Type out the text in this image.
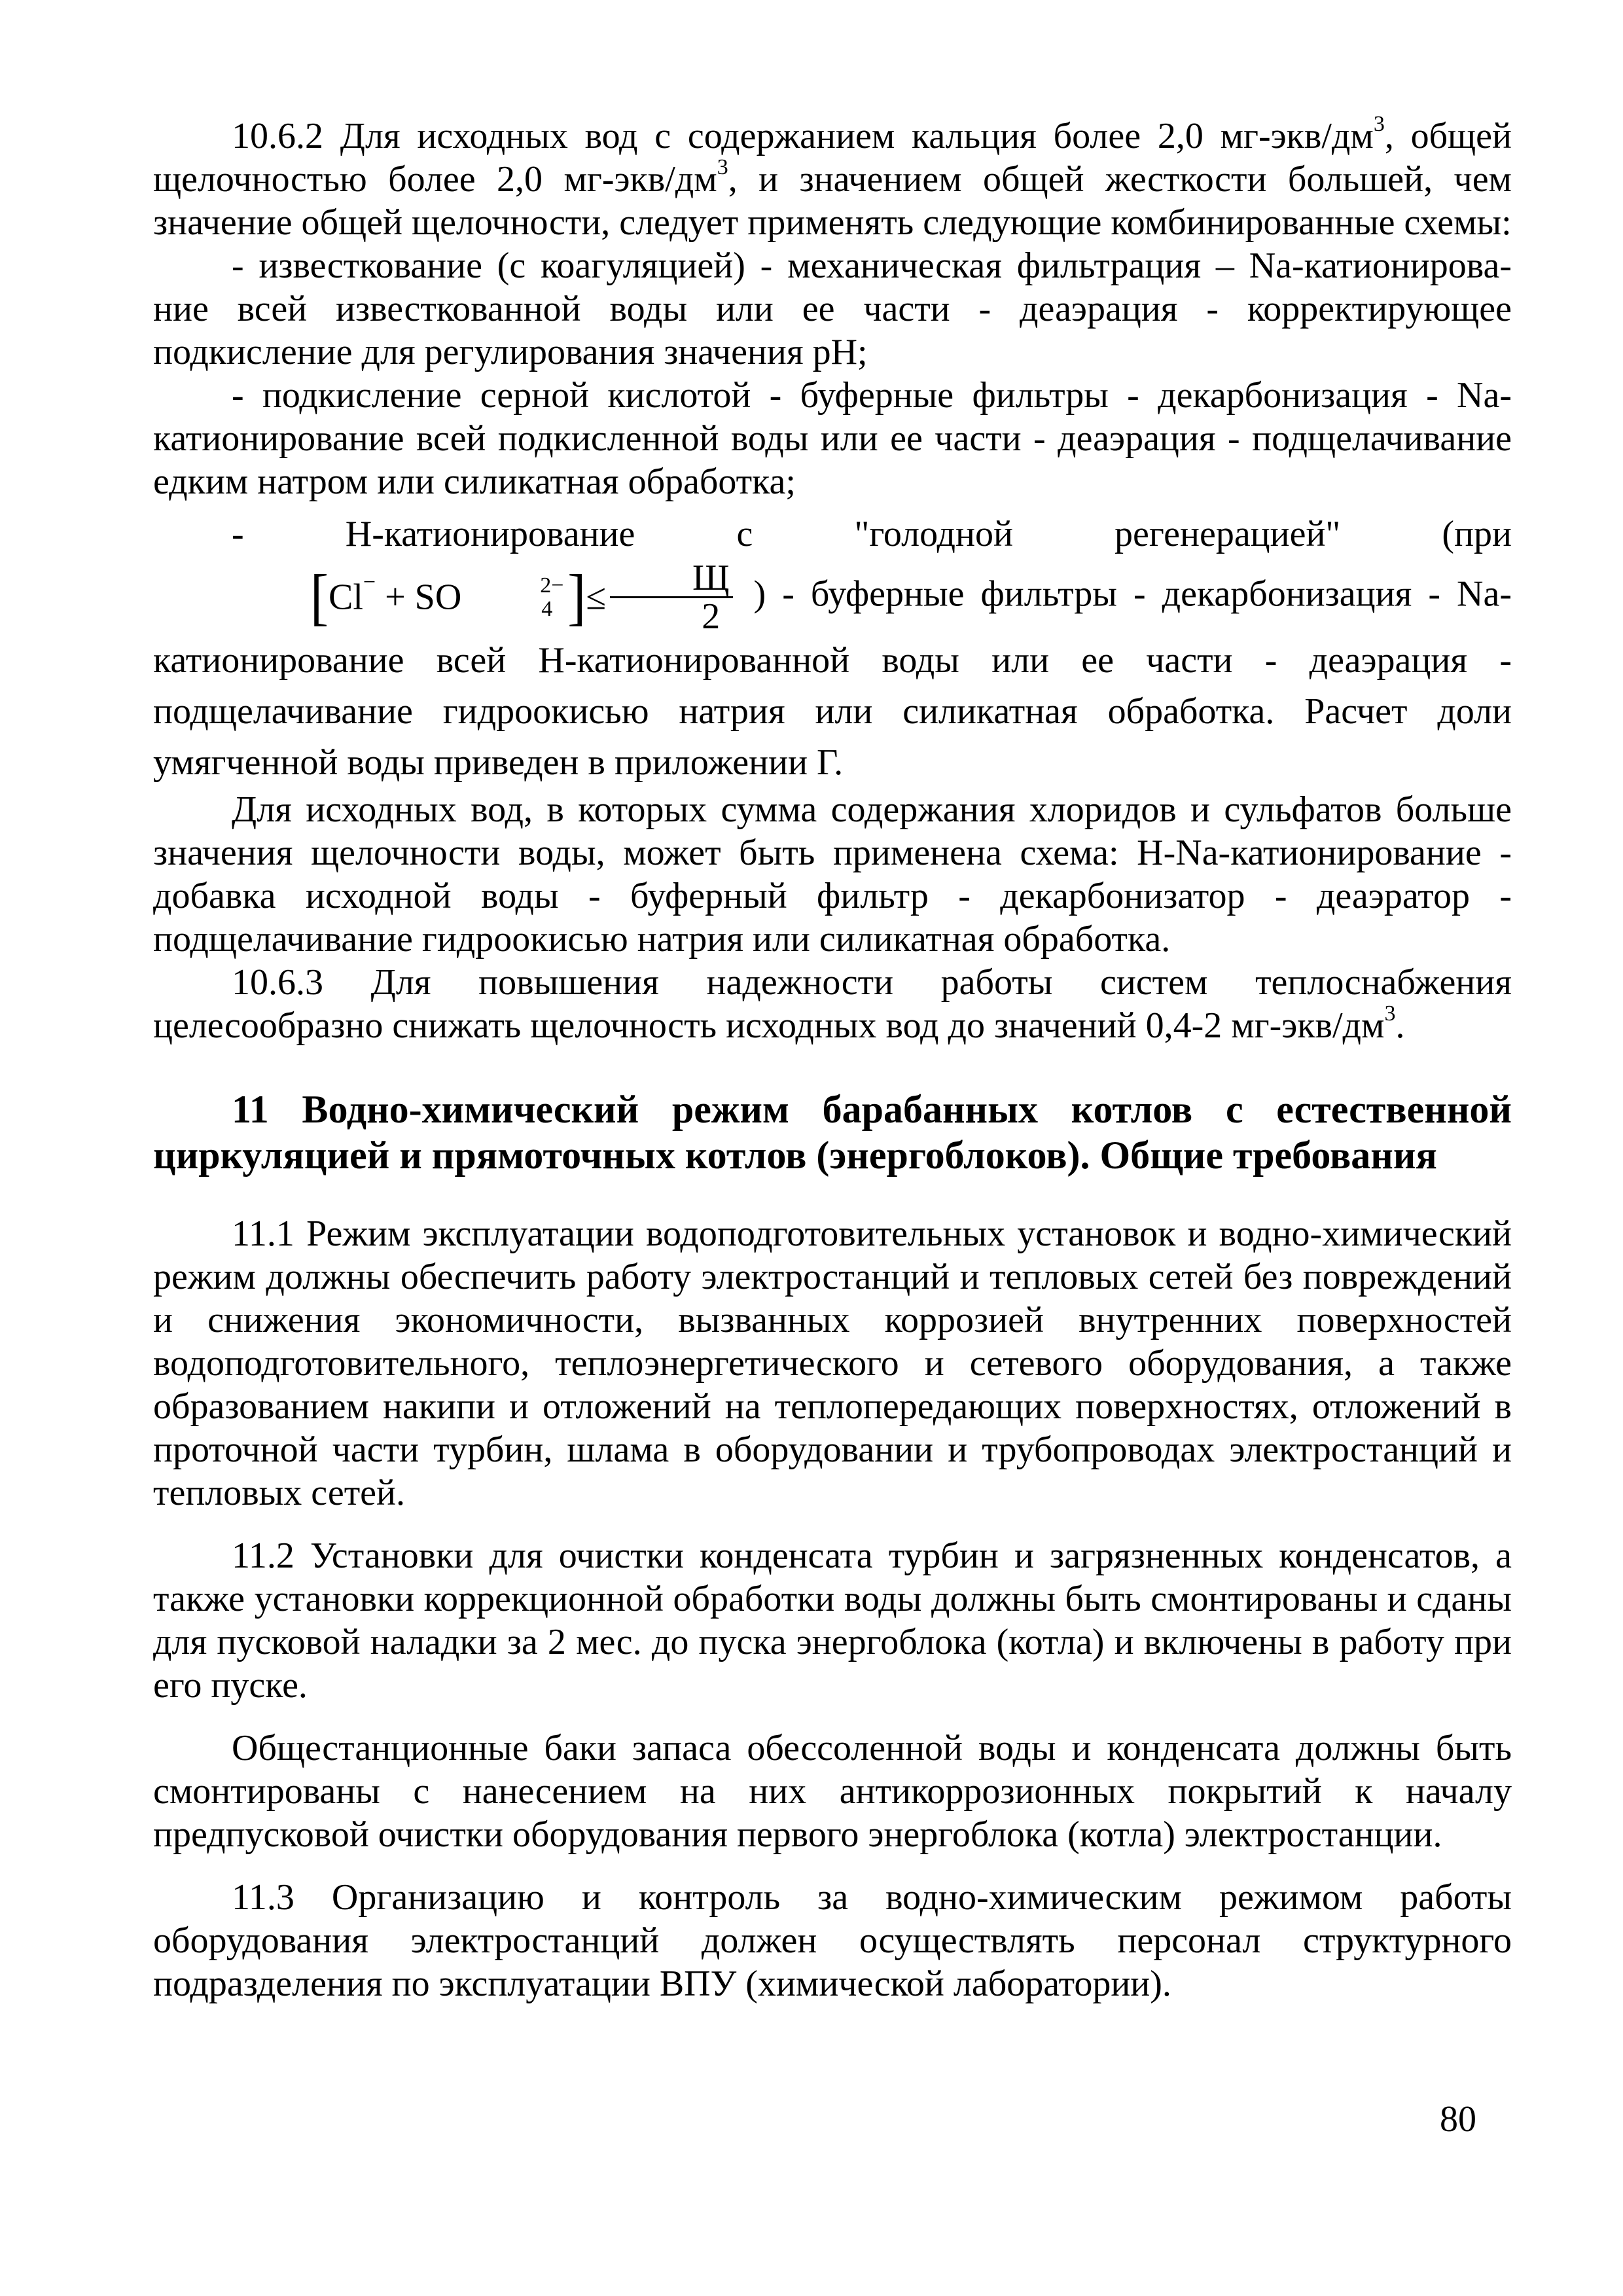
10.6.2 Для исходных вод с содержанием кальция более 2,0 $мг-экв/дм^3$, общей щелочностью более 2,0 $мг-экв/дм^3$, и значением общей жесткости большей, чем значение общей щелочности, следует применять следующие комбинированные схемы:

- известкование (с коагуляцией) - механическая фильтрация – Na-катионирова-ние всей известкованной воды или ее части - деаэрация - корректирующее подкисление для регулирования значения pH;

- подкисление серной кислотой - буферные фильтры - декарбонизация - Na-катионирование всей подкисленной воды или ее части - деаэрация - подщелачивание едким натром или силикатная обработка;

- Н-катионирование с "голодной регенерацией" (при [Cl− + SO	2−
4 ]≤ $\frac{Щ}{2}$ ) - буферные фильтры - декарбонизация - Na-катионирование всей Н-катионированной воды или ее части - деаэрация - подщелачивание гидроокисью натрия или силикатная обработка. Расчет доли умягченной воды приведен в приложении Г.

Для исходных вод, в которых сумма содержания хлоридов и сульфатов больше значения щелочности воды, может быть применена схема: H-Na-катионирование - добавка исходной воды - буферный фильтр - декарбонизатор - деаэратор - подщелачивание гидроокисью натрия или силикатная обработка.

10.6.3 Для повышения надежности работы систем теплоснабжения целесообразно снижать щелочность исходных вод до значений 0,4-2 $мг-экв/дм^3$.

11 Водно-химический режим барабанных котлов с естественной циркуляцией и прямоточных котлов (энергоблоков). Общие требования

11.1 Режим эксплуатации водоподготовительных установок и водно-химический режим должны обеспечить работу электростанций и тепловых сетей без повреждений и снижения экономичности, вызванных коррозией внутренних поверхностей водоподготовительного, теплоэнергетического и сетевого оборудования, а также образованием накипи и отложений на теплопередающих поверхностях, отложений в проточной части турбин, шлама в оборудовании и трубопроводах электростанций и тепловых сетей.

11.2 Установки для очистки конденсата турбин и загрязненных конденсатов, а также установки коррекционной обработки воды должны быть смонтированы и сданы для пусковой наладки за 2 мес. до пуска энергоблока (котла) и включены в работу при его пуске.

Общестанционные баки запаса обессоленной воды и конденсата должны быть смонтированы с нанесением на них антикоррозионных покрытий к началу предпусковой очистки оборудования первого энергоблока (котла) электростанции.

11.3 Организацию и контроль за водно-химическим режимом работы оборудования электростанций должен осуществлять персонал структурного подразделения по эксплуатации ВПУ (химической лаборатории).

80
